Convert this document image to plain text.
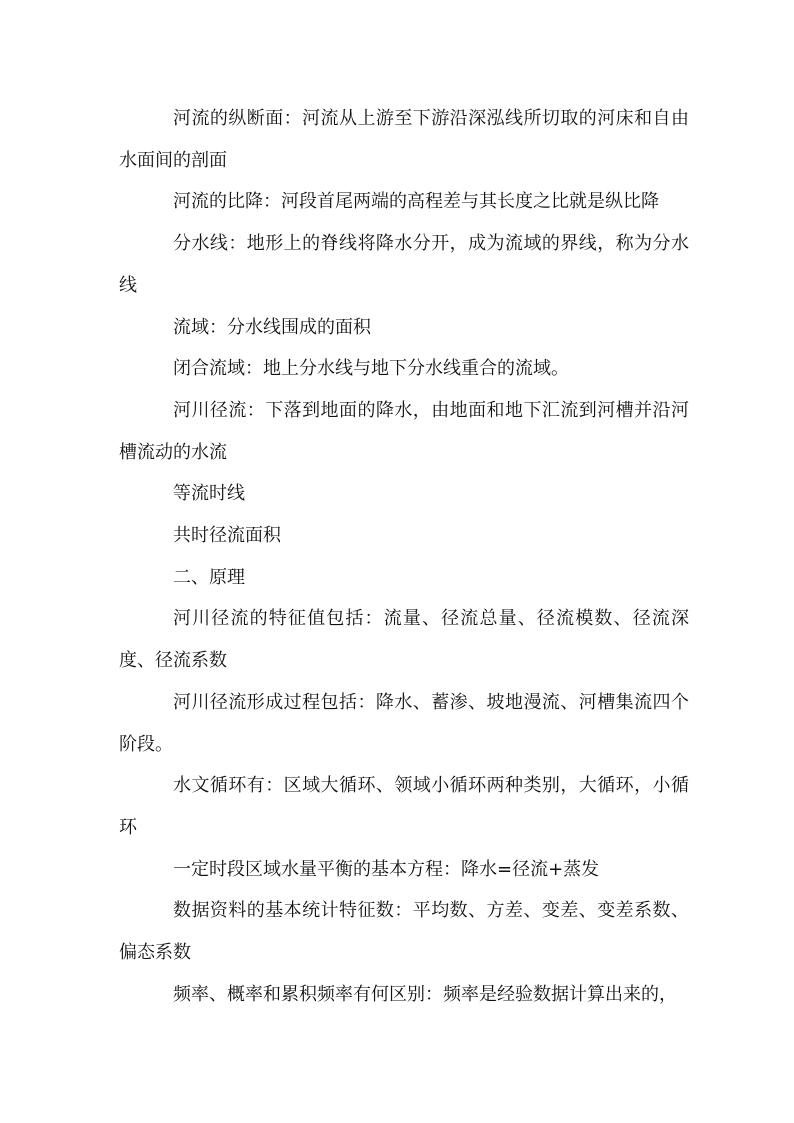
河流的纵断面：河流从上游至下游沿深泓线所切取的河床和自由水面间的剖面

河流的比降：河段首尾两端的高程差与其长度之比就是纵比降

分水线：地形上的脊线将降水分开，成为流域的界线，称为分水线

流域：分水线围成的面积

闭合流域：地上分水线与地下分水线重合的流域。

河川径流：下落到地面的降水，由地面和地下汇流到河槽并沿河槽流动的水流

等流时线

共时径流面积

二、原理

河川径流的特征值包括：流量、径流总量、径流模数、径流深度、径流系数

河川径流形成过程包括：降水、蓄渗、坡地漫流、河槽集流四个阶段。

水文循环有：区域大循环、领域小循环两种类别，大循环，小循环

一定时段区域水量平衡的基本方程：降水=径流+蒸发

数据资料的基本统计特征数：平均数、方差、变差、变差系数、偏态系数

频率、概率和累积频率有何区别：频率是经验数据计算出来的，
